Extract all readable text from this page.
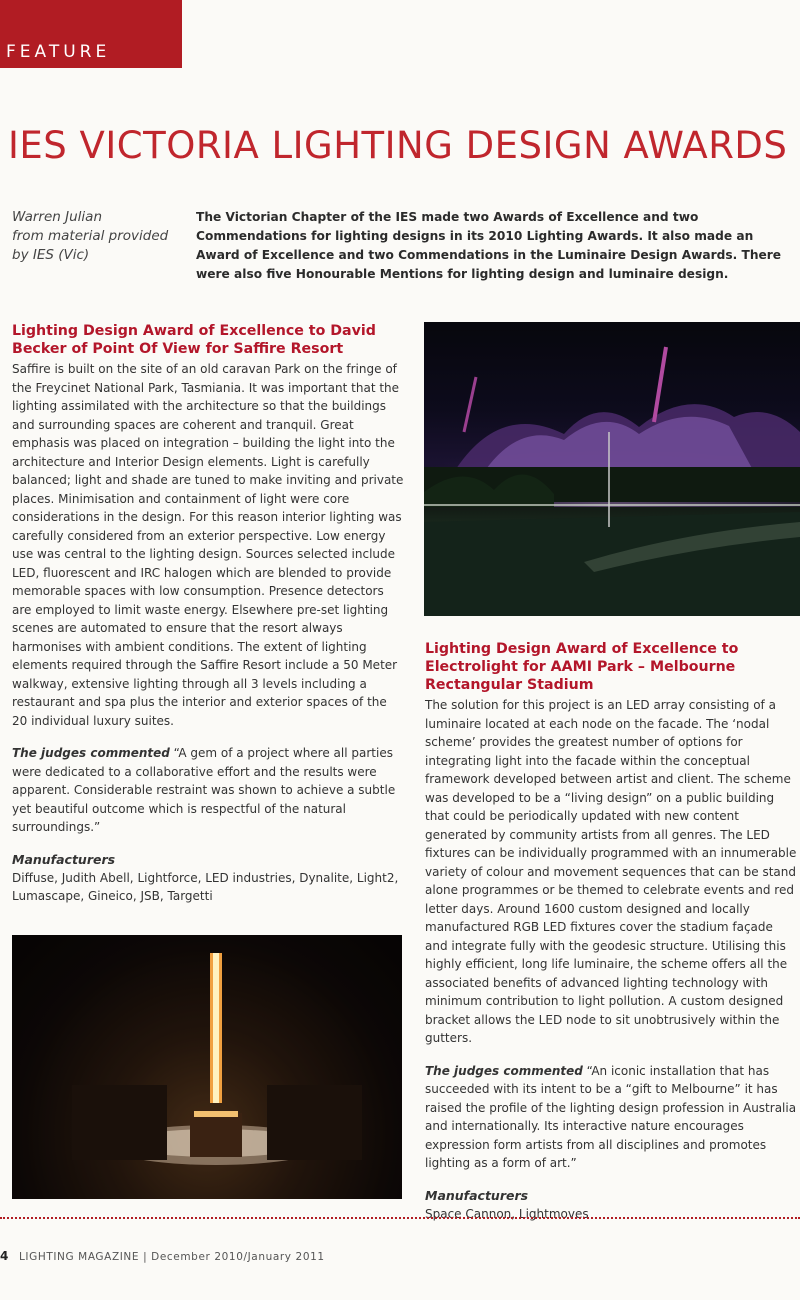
FEATURE
IES VICTORIA LIGHTING DESIGN AWARDS
Warren Julian
from material provided
by IES (Vic)
The Victorian Chapter of the IES made two Awards of Excellence and two Commendations for lighting designs in its 2010 Lighting Awards. It also made an Award of Excellence and two Commendations in the Luminaire Design Awards. There were also five Honourable Mentions for lighting design and luminaire design.
Lighting Design Award of Excellence to David Becker of Point Of View for Saffire Resort

Saffire is built on the site of an old caravan Park on the fringe of the Freycinet National Park, Tasmiania. It was important that the lighting assimilated with the architecture so that the buildings and surrounding spaces are coherent and tranquil. Great emphasis was placed on integration – building the light into the architecture and Interior Design elements. Light is carefully balanced; light and shade are tuned to make inviting and private places. Minimisation and containment of light were core considerations in the design. For this reason interior lighting was carefully considered from an exterior perspective. Low energy use was central to the lighting design. Sources selected include LED, fluorescent and IRC halogen which are blended to provide memorable spaces with low consumption. Presence detectors are employed to limit waste energy. Elsewhere pre-set lighting scenes are automated to ensure that the resort always harmonises with ambient conditions. The extent of lighting elements required through the Saffire Resort include a 50 Meter walkway, extensive lighting through all 3 levels including a restaurant and spa plus the interior and exterior spaces of the 20 individual luxury suites.

The judges commented “A gem of a project where all parties were dedicated to a collaborative effort and the results were apparent. Considerable restraint was shown to achieve a subtle yet beautiful outcome which is respectful of the natural surroundings.”

Manufacturers

Diffuse, Judith Abell, Lightforce, LED industries, Dynalite, Light2, Lumascape, Gineico, JSB, Targetti

Lighting Design Award of Excellence to Electrolight for AAMI Park – Melbourne Rectangular Stadium

The solution for this project is an LED array consisting of a luminaire located at each node on the facade. The ‘nodal scheme’ provides the greatest number of options for integrating light into the facade within the conceptual framework developed between artist and client. The scheme was developed to be a “living design” on a public building that could be periodically updated with new content generated by community artists from all genres. The LED fixtures can be individually programmed with an innumerable variety of colour and movement sequences that can be stand alone programmes or be themed to celebrate events and red letter days. Around 1600 custom designed and locally manufactured RGB LED fixtures cover the stadium façade and integrate fully with the geodesic structure. Utilising this highly efficient, long life luminaire, the scheme offers all the associated benefits of advanced lighting technology with minimum contribution to light pollution. A custom designed bracket allows the LED node to sit unobtrusively within the gutters.

The judges commented “An iconic installation that has succeeded with its intent to be a “gift to Melbourne” it has raised the profile of the lighting design profession in Australia and internationally. Its interactive nature encourages expression form artists from all disciplines and promotes lighting as a form of art.”

Manufacturers

Space Cannon, Lightmoves

4 LIGHTING MAGAZINE | December 2010/January 2011
